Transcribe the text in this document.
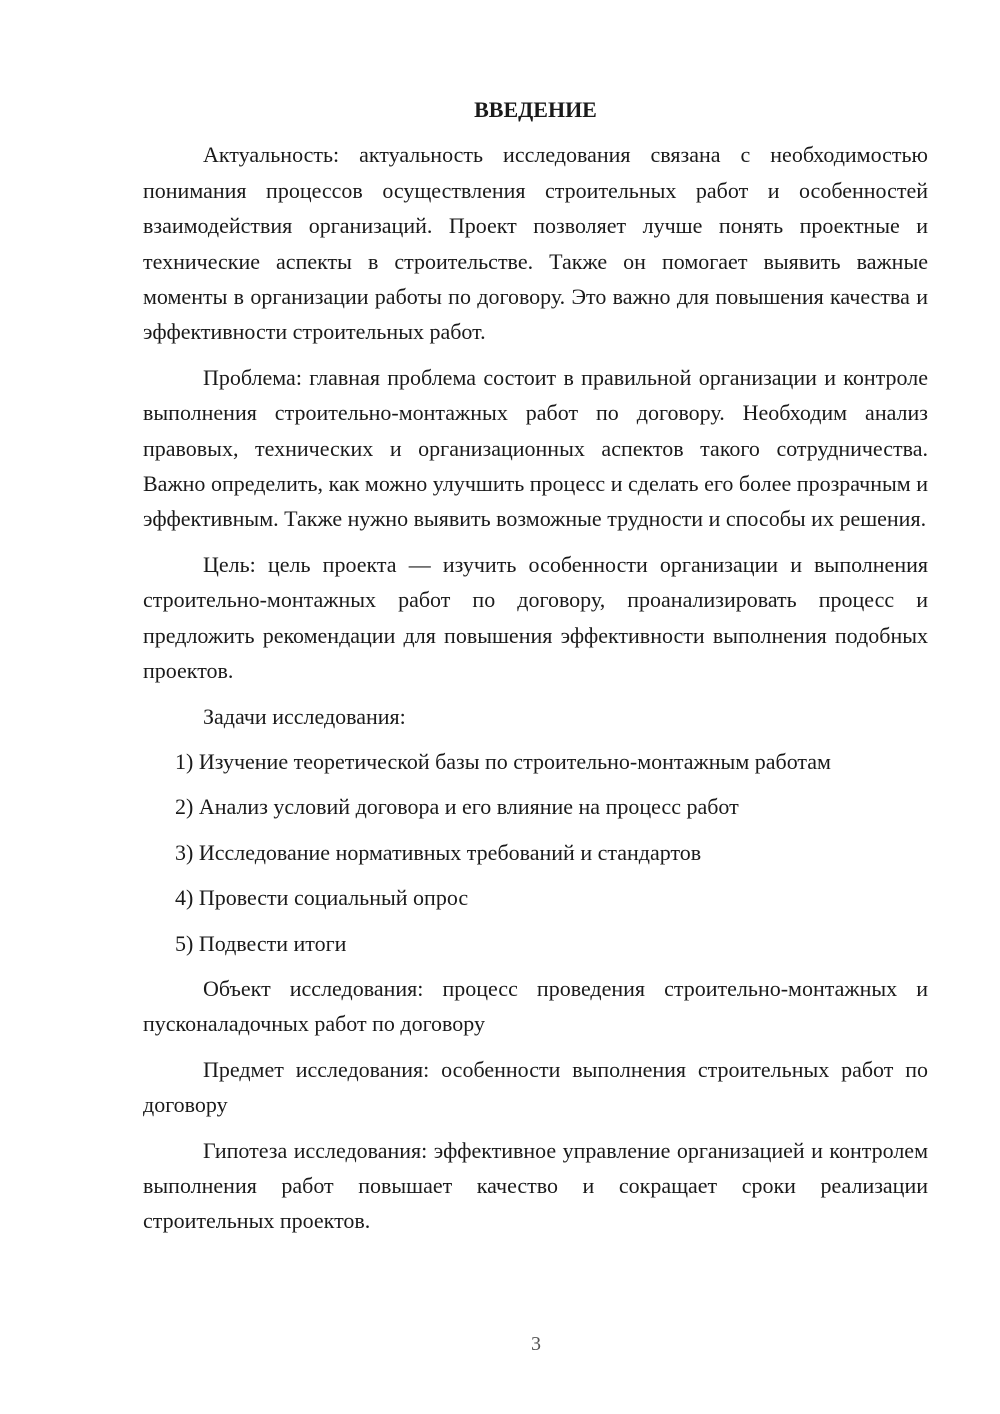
ВВЕДЕНИЕ

Актуальность: актуальность исследования связана с необходимостью понимания процессов осуществления строительных работ и особенностей взаимодействия организаций. Проект позволяет лучше понять проектные и технические аспекты в строительстве. Также он помогает выявить важные моменты в организации работы по договору. Это важно для повышения качества и эффективности строительных работ.

Проблема: главная проблема состоит в правильной организации и контроле выполнения строительно-монтажных работ по договору. Необходим анализ правовых, технических и организационных аспектов такого сотрудничества. Важно определить, как можно улучшить процесс и сделать его более прозрачным и эффективным. Также нужно выявить возможные трудности и способы их решения.

Цель: цель проекта — изучить особенности организации и выполнения строительно-монтажных работ по договору, проанализировать процесс и предложить рекомендации для повышения эффективности выполнения подобных проектов.

Задачи исследования:

1) Изучение теоретической базы по строительно-монтажным работам
2) Анализ условий договора и его влияние на процесс работ
3) Исследование нормативных требований и стандартов
4) Провести социальный опрос
5) Подвести итоги

Объект исследования: процесс проведения строительно-монтажных и пусконаладочных работ по договору

Предмет исследования: особенности выполнения строительных работ по договору

Гипотеза исследования: эффективное управление организацией и контролем выполнения работ повышает качество и сокращает сроки реализации строительных проектов.

3
